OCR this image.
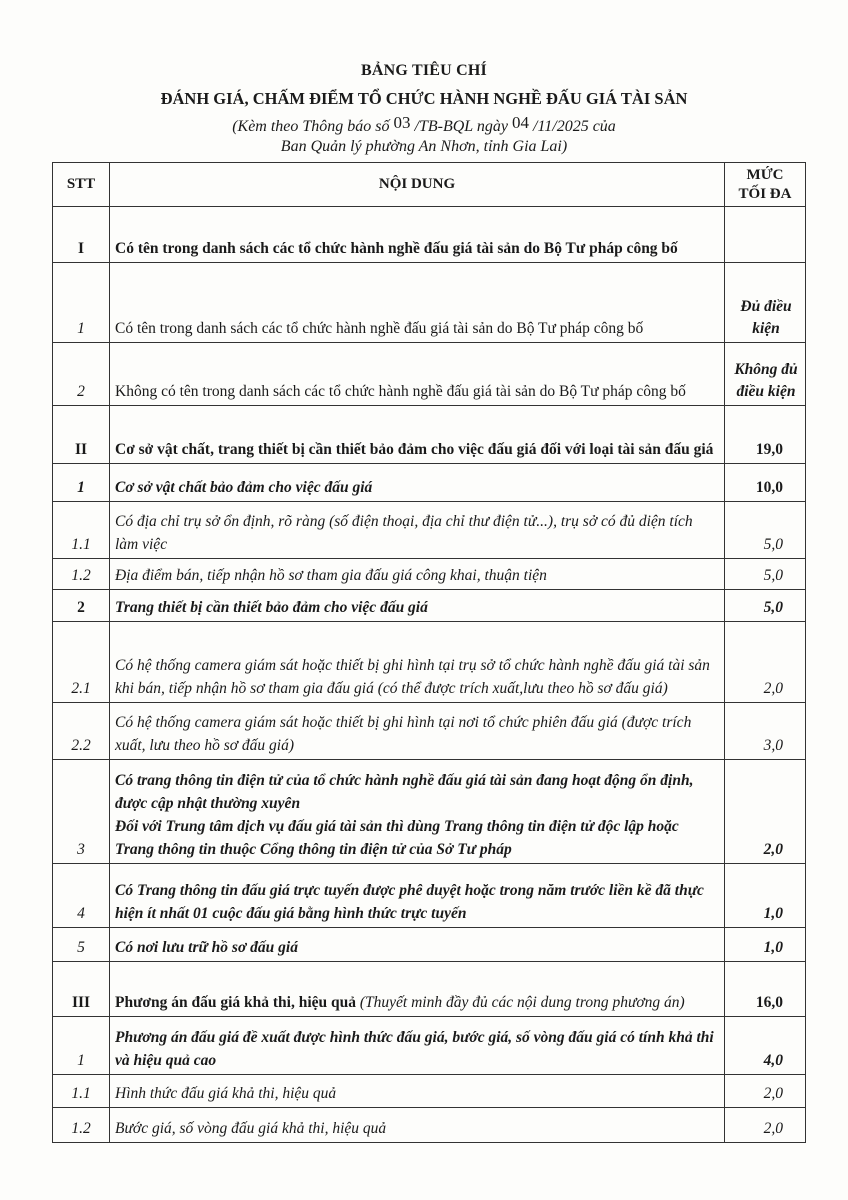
BẢNG TIÊU CHÍ
ĐÁNH GIÁ, CHẤM ĐIỂM TỔ CHỨC HÀNH NGHỀ ĐẤU GIÁ TÀI SẢN
(Kèm theo Thông báo số 03 /TB-BQL ngày 04 /11/2025 của
Ban Quản lý phường An Nhơn, tỉnh Gia Lai)
STT	NỘI DUNG	MỨC
TỐI ĐA
I	Có tên trong danh sách các tổ chức hành nghề đấu giá tài sản do Bộ Tư pháp công bố	
1	Có tên trong danh sách các tổ chức hành nghề đấu giá tài sản do Bộ Tư pháp công bố	Đủ điều kiện
2	Không có tên trong danh sách các tổ chức hành nghề đấu giá tài sản do Bộ Tư pháp công bố	Không đủ điều kiện
II	Cơ sở vật chất, trang thiết bị cần thiết bảo đảm cho việc đấu giá đối với loại tài sản đấu giá	19,0
1	Cơ sở vật chất bảo đảm cho việc đấu giá	10,0
1.1	Có địa chỉ trụ sở ổn định, rõ ràng (số điện thoại, địa chỉ thư điện tử...), trụ sở có đủ diện tích làm việc	5,0
1.2	Địa điểm bán, tiếp nhận hồ sơ tham gia đấu giá công khai, thuận tiện	5,0
2	Trang thiết bị cần thiết bảo đảm cho việc đấu giá	5,0
2.1	Có hệ thống camera giám sát hoặc thiết bị ghi hình tại trụ sở tổ chức hành nghề đấu giá tài sản khi bán, tiếp nhận hồ sơ tham gia đấu giá (có thể được trích xuất,lưu theo hồ sơ đấu giá)	2,0
2.2	Có hệ thống camera giám sát hoặc thiết bị ghi hình tại nơi tổ chức phiên đấu giá (được trích xuất, lưu theo hồ sơ đấu giá)	3,0
3	Có trang thông tin điện tử của tổ chức hành nghề đấu giá tài sản đang hoạt động ổn định, được cập nhật thường xuyên
Đối với Trung tâm dịch vụ đấu giá tài sản thì dùng Trang thông tin điện tử độc lập hoặc Trang thông tin thuộc Cổng thông tin điện tử của Sở Tư pháp	2,0
4	Có Trang thông tin đấu giá trực tuyến được phê duyệt hoặc trong năm trước liền kề đã thực hiện ít nhất 01 cuộc đấu giá bằng hình thức trực tuyến	1,0
5	Có nơi lưu trữ hồ sơ đấu giá	1,0
III	Phương án đấu giá khả thi, hiệu quả (Thuyết minh đầy đủ các nội dung trong phương án)	16,0
1	Phương án đấu giá đề xuất được hình thức đấu giá, bước giá, số vòng đấu giá có tính khả thi và hiệu quả cao	4,0
1.1	Hình thức đấu giá khả thi, hiệu quả	2,0
1.2	Bước giá, số vòng đấu giá khả thi, hiệu quả	2,0
